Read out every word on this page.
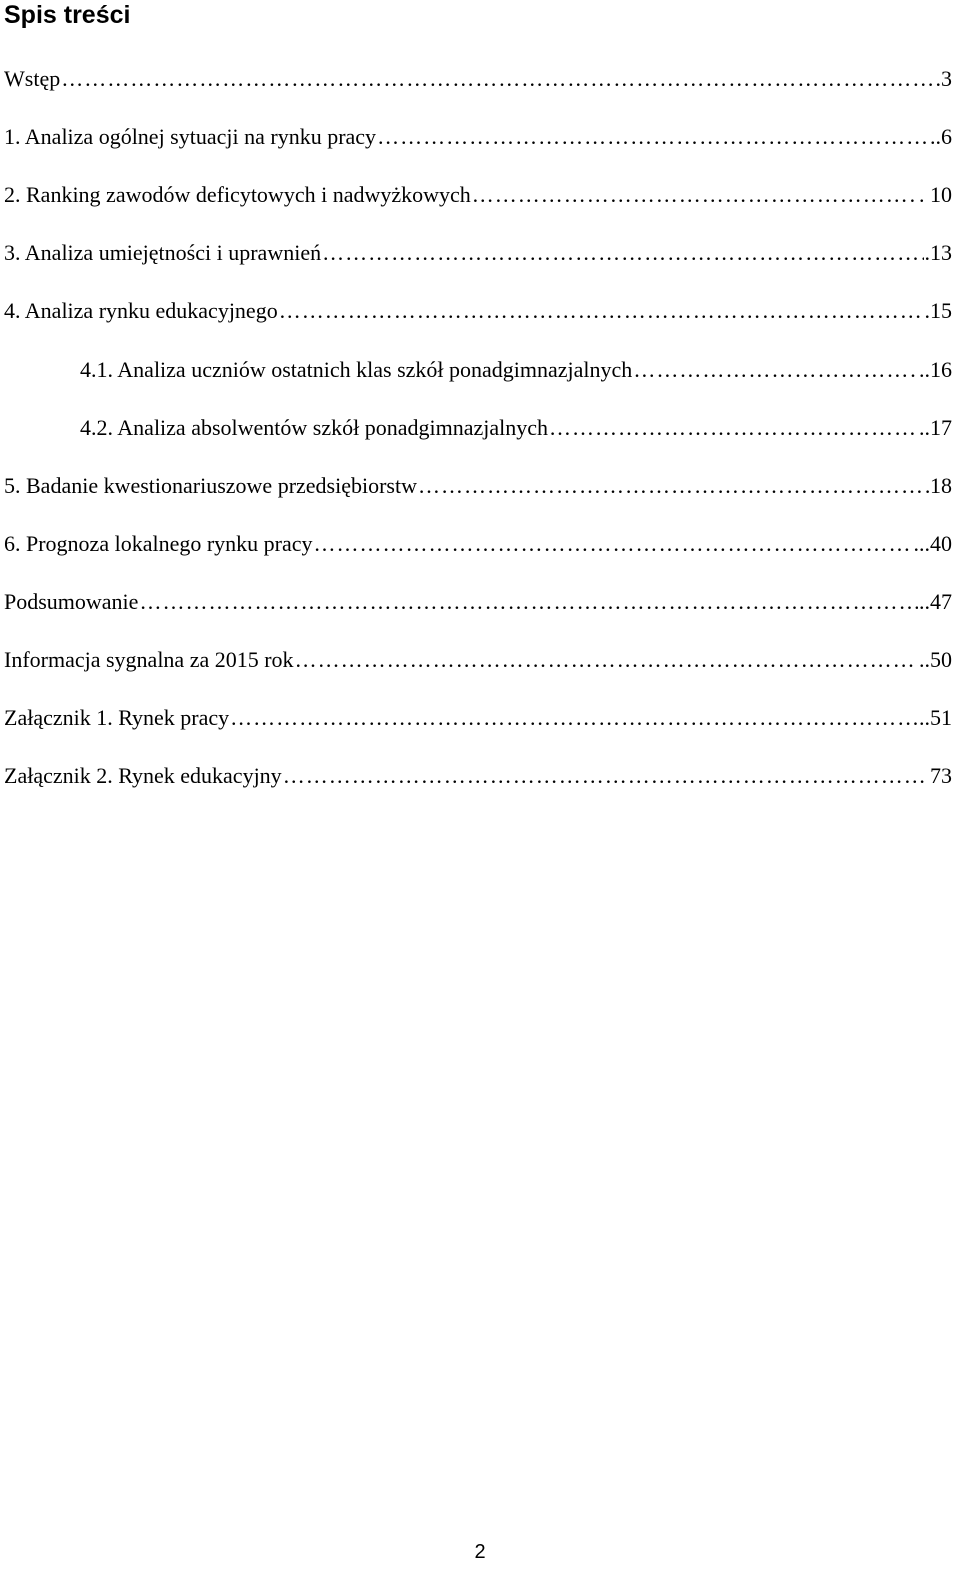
Spis treści
Wstęp ……………………………………………………………………………………………………………………………………………………………………………………………………	.3
1. Analiza ogólnej sytuacji na rynku pracy ……………………………………………………………………………………………………………………………………………………………………………………………………	.6
2. Ranking zawodów deficytowych i nadwyżkowych ……………………………………………………………………………………………………………………………………………………………………………………………………	. 10
3. Analiza umiejętności i uprawnień ……………………………………………………………………………………………………………………………………………………………………………………………………	.13
4. Analiza rynku edukacyjnego ……………………………………………………………………………………………………………………………………………………………………………………………………	.15
4.1. Analiza uczniów ostatnich klas szkół ponadgimnazjalnych ……………………………………………………………………………………………………………………………………………………………………………………………………	..16
4.2. Analiza absolwentów szkół ponadgimnazjalnych ……………………………………………………………………………………………………………………………………………………………………………………………………	..17
5. Badanie kwestionariuszowe przedsiębiorstw ……………………………………………………………………………………………………………………………………………………………………………………………………	18
6. Prognoza lokalnego rynku pracy ……………………………………………………………………………………………………………………………………………………………………………………………………	...40
Podsumowanie ……………………………………………………………………………………………………………………………………………………………………………………………………	..47
Informacja sygnalna za 2015 rok ……………………………………………………………………………………………………………………………………………………………………………………………………	..50
Załącznik 1. Rynek pracy ……………………………………………………………………………………………………………………………………………………………………………………………………	..51
Załącznik 2. Rynek edukacyjny ……………………………………………………………………………………………………………………………………………………………………………………………………	73
2
